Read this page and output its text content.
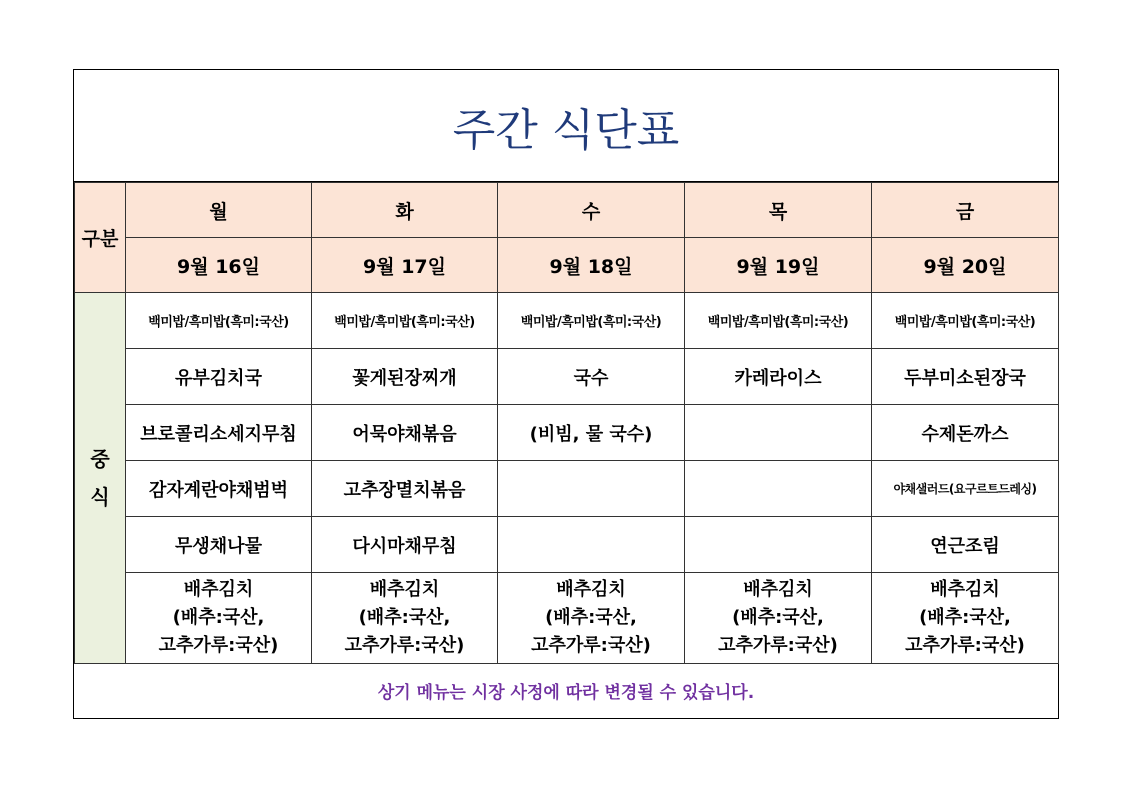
주간 식단표
구분	월	화	수	목	금
	9월 16일	9월 17일	9월 18일	9월 19일	9월 20일

중
식	백미밥/흑미밥(흑미:국산)	백미밥/흑미밥(흑미:국산)	백미밥/흑미밥(흑미:국산)	백미밥/흑미밥(흑미:국산)	백미밥/흑미밥(흑미:국산)
	유부김치국	꽃게된장찌개	국수	카레라이스	두부미소된장국
	브로콜리소세지무침	어묵야채볶음	(비빔, 물 국수)		수제돈까스
	감자계란야채범벅	고추장멸치볶음			야채샐러드(요구르트드레싱)
	무생채나물	다시마채무침			연근조림

	배추김치
(배추:국산,
고추가루:국산)	배추김치
(배추:국산,
고추가루:국산)	배추김치
(배추:국산,
고추가루:국산)	배추김치
(배추:국산,
고추가루:국산)	배추김치
(배추:국산,
고추가루:국산)
상기 메뉴는 시장 사정에 따라 변경될 수 있습니다.
